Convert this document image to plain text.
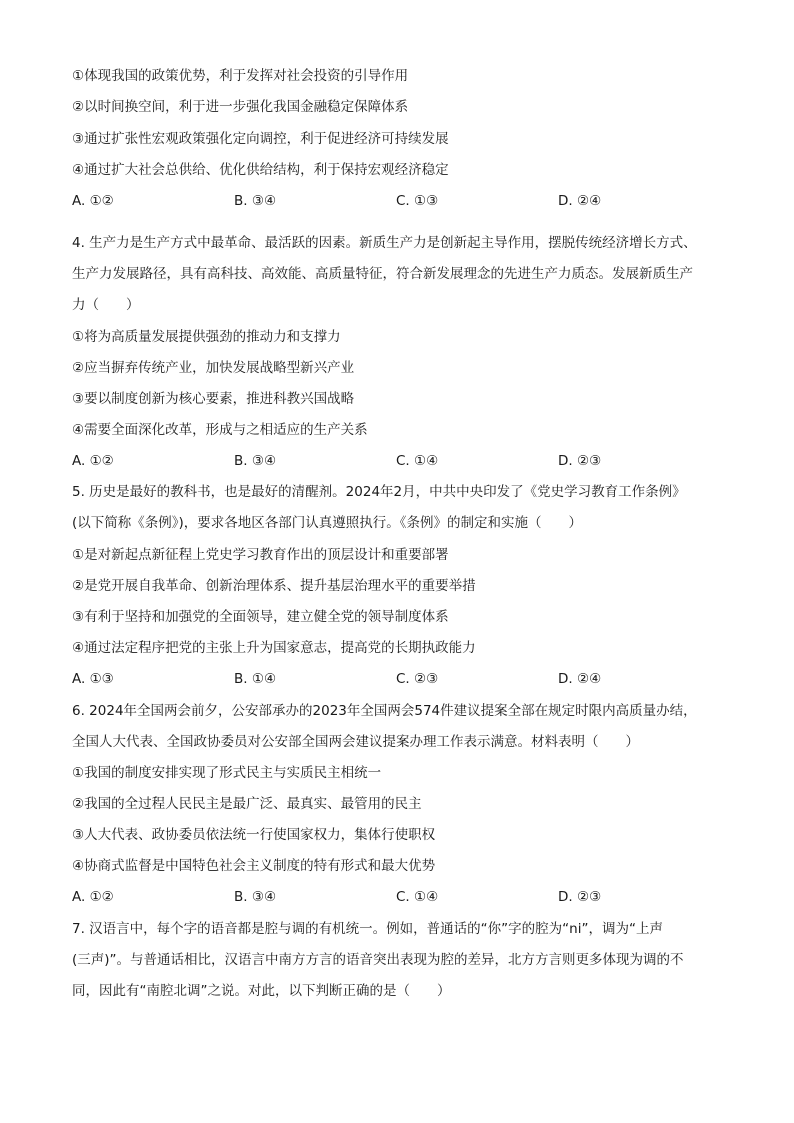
①体现我国的政策优势，利于发挥对社会投资的引导作用
②以时间换空间，利于进一步强化我国金融稳定保障体系
③通过扩张性宏观政策强化定向调控，利于促进经济可持续发展
④通过扩大社会总供给、优化供给结构，利于保持宏观经济稳定
A. ①②	B. ③④	C. ①③	D. ②④
4. 生产力是生产方式中最革命、最活跃的因素。新质生产力是创新起主导作用，摆脱传统经济增长方式、
生产力发展路径，具有高科技、高效能、高质量特征，符合新发展理念的先进生产力质态。发展新质生产
力（　　）
①将为高质量发展提供强劲的推动力和支撑力
②应当摒弃传统产业，加快发展战略型新兴产业
③要以制度创新为核心要素，推进科教兴国战略
④需要全面深化改革，形成与之相适应的生产关系
A. ①②	B. ③④	C. ①④	D. ②③
5. 历史是最好的教科书，也是最好的清醒剂。2024年2月，中共中央印发了《党史学习教育工作条例》
(以下简称《条例》)，要求各地区各部门认真遵照执行。《条例》的制定和实施（　　）
①是对新起点新征程上党史学习教育作出的顶层设计和重要部署
②是党开展自我革命、创新治理体系、提升基层治理水平的重要举措
③有利于坚持和加强党的全面领导，建立健全党的领导制度体系
④通过法定程序把党的主张上升为国家意志，提高党的长期执政能力
A. ①③	B. ①④	C. ②③	D. ②④
6. 2024年全国两会前夕，公安部承办的2023年全国两会574件建议提案全部在规定时限内高质量办结，
全国人大代表、全国政协委员对公安部全国两会建议提案办理工作表示满意。材料表明（　　）
①我国的制度安排实现了形式民主与实质民主相统一
②我国的全过程人民民主是最广泛、最真实、最管用的民主
③人大代表、政协委员依法统一行使国家权力，集体行使职权
④协商式监督是中国特色社会主义制度的特有形式和最大优势
A. ①②	B. ③④	C. ①④	D. ②③
7. 汉语言中，每个字的语音都是腔与调的有机统一。例如，普通话的“你”字的腔为“ni”，调为“上声
(三声)”。与普通话相比，汉语言中南方方言的语音突出表现为腔的差异，北方方言则更多体现为调的不
同，因此有“南腔北调”之说。对此，以下判断正确的是（　　）
